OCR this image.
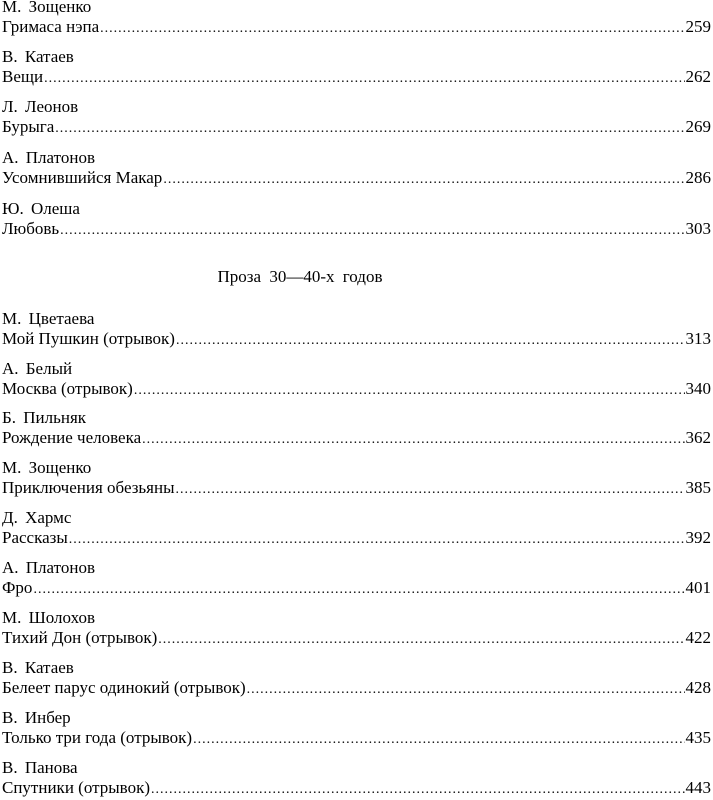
М. Зощенко
Гримаса нэпа .....	259
В. Катаев
Вещи .....	262
Л. Леонов
Бурыга .....	269
А. Платонов
Усомнившийся Макар .....	286
Ю. Олеша
Любовь .....	303
Проза 30—40-х годов
М. Цветаева
Мой Пушкин (отрывок) .....	313
А. Белый
Москва (отрывок) .....	340
Б. Пильняк
Рождение человека .....	362
М. Зощенко
Приключения обезьяны .....	385
Д. Хармс
Рассказы .....	392
А. Платонов
Фро .....	401
М. Шолохов
Тихий Дон (отрывок) .....	422
В. Катаев
Белеет парус одинокий (отрывок) .....	428
В. Инбер
Только три года (отрывок) .....	435
В. Панова
Спутники (отрывок) .....	443
